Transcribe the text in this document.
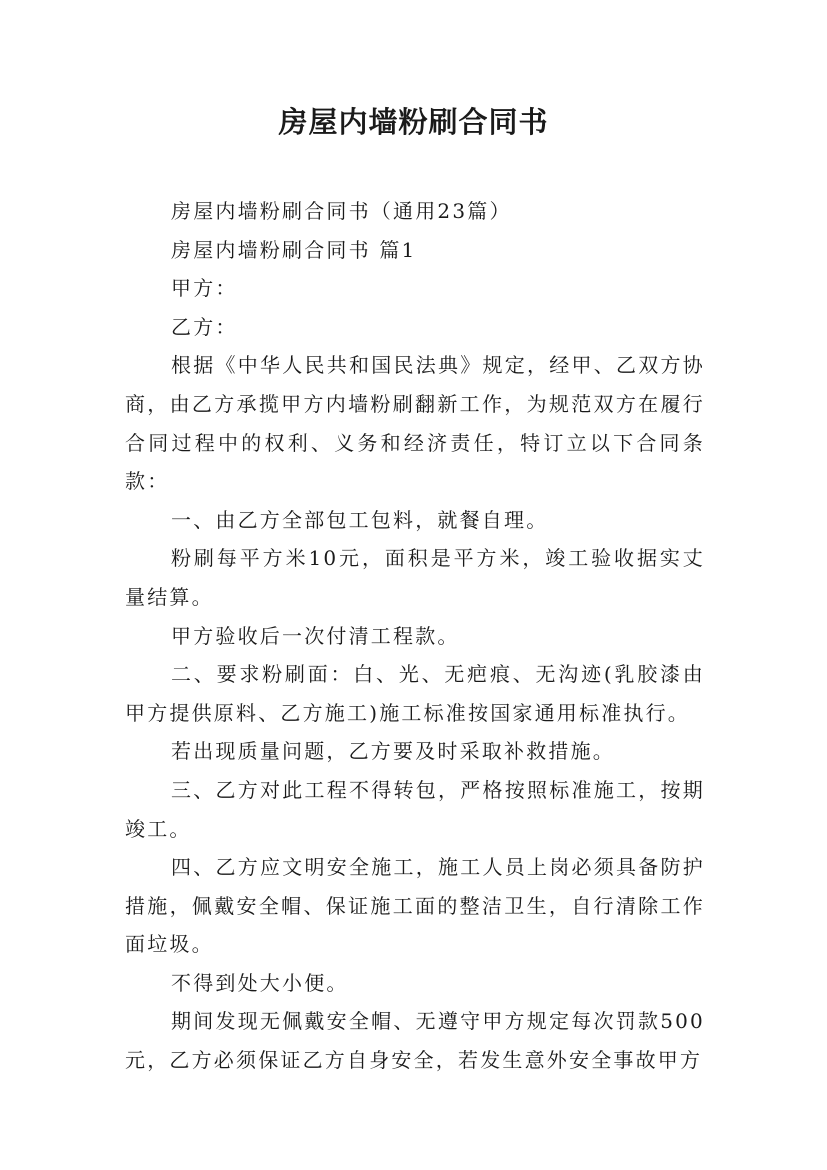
房屋内墙粉刷合同书

房屋内墙粉刷合同书（通用23篇）

房屋内墙粉刷合同书 篇1

甲方：

乙方：

根据《中华人民共和国民法典》规定，经甲、乙双方协商，由乙方承揽甲方内墙粉刷翻新工作，为规范双方在履行合同过程中的权利、义务和经济责任，特订立以下合同条款：

一、由乙方全部包工包料，就餐自理。

粉刷每平方米10元，面积是平方米，竣工验收据实丈量结算。

甲方验收后一次付清工程款。

二、要求粉刷面：白、光、无疤痕、无沟迹(乳胶漆由甲方提供原料、乙方施工)施工标准按国家通用标准执行。

若出现质量问题，乙方要及时采取补救措施。

三、乙方对此工程不得转包，严格按照标准施工，按期竣工。

四、乙方应文明安全施工，施工人员上岗必须具备防护措施，佩戴安全帽、保证施工面的整洁卫生，自行清除工作面垃圾。

不得到处大小便。

期间发现无佩戴安全帽、无遵守甲方规定每次罚款500元，乙方必须保证乙方自身安全，若发生意外安全事故甲方
